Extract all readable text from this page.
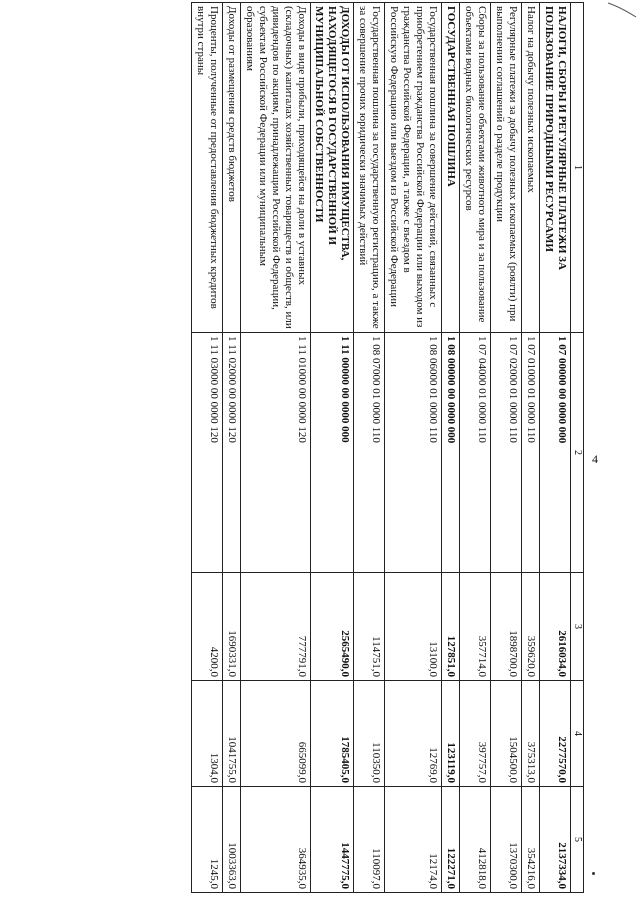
4
1	2	3	4	5
НАЛОГИ, СБОРЫ И РЕГУЛЯРНЫЕ ПЛАТЕЖИ ЗА ПОЛЬЗОВАНИЕ ПРИРОДНЫМИ РЕСУРСАМИ	1 07 00000 00 0000 000	2616034,0	2277570,0	2137334,0
Налог на добычу полезных ископаемых	1 07 01000 01 0000 110	359620,0	375313,0	354216,0
Регулярные платежи за добычу полезных ископаемых (роялти) при выполнении соглашений о разделе продукции	1 07 02000 01 0000 110	1898700,0	1504500,0	1370300,0
Сборы за пользование объектами животного мира и за пользование объектами водных биологических ресурсов	1 07 04000 01 0000 110	357714,0	397757,0	412818,0
ГОСУДАРСТВЕННАЯ ПОШЛИНА	1 08 00000 00 0000 000	127851,0	123119,0	122271,0
Государственная пошлина за совершение действий, связанных с приобретением гражданства Российской Федерации или выходом из гражданства Российской Федерации, а также с въездом в Российскую Федерацию или выездом из Российской Федерации	1 08 06000 01 0000 110	13100,0	12769,0	12174,0
Государственная пошлина за государственную регистрацию, а также за совершение прочих юридически значимых действий	1 08 07000 01 0000 110	114751,0	110350,0	110097,0
ДОХОДЫ ОТ ИСПОЛЬЗОВАНИЯ ИМУЩЕСТВА, НАХОДЯЩЕГОСЯ В ГОСУДАРСТВЕННОЙ И МУНИЦИПАЛЬНОЙ СОБСТВЕННОСТИ	1 11 00000 00 0000 000	2565490,0	1785405,0	1447775,0
Доходы в виде прибыли, приходящейся на доли в уставных (складочных) капиталах хозяйственных товариществ и обществ, или дивидендов по акциям, принадлежащим Российской Федерации, субъектам Российской Федерации или муниципальным образованиям	1 11 01000 00 0000 120	777791,0	665099,0	364935,0
Доходы от размещения средств бюджетов	1 11 02000 00 0000 120	1690331,0	1041755,0	1003363,0
Проценты, полученные от предоставления бюджетных кредитов внутри страны	1 11 03000 00 0000 120	4200,0	1304,0	1245,0
